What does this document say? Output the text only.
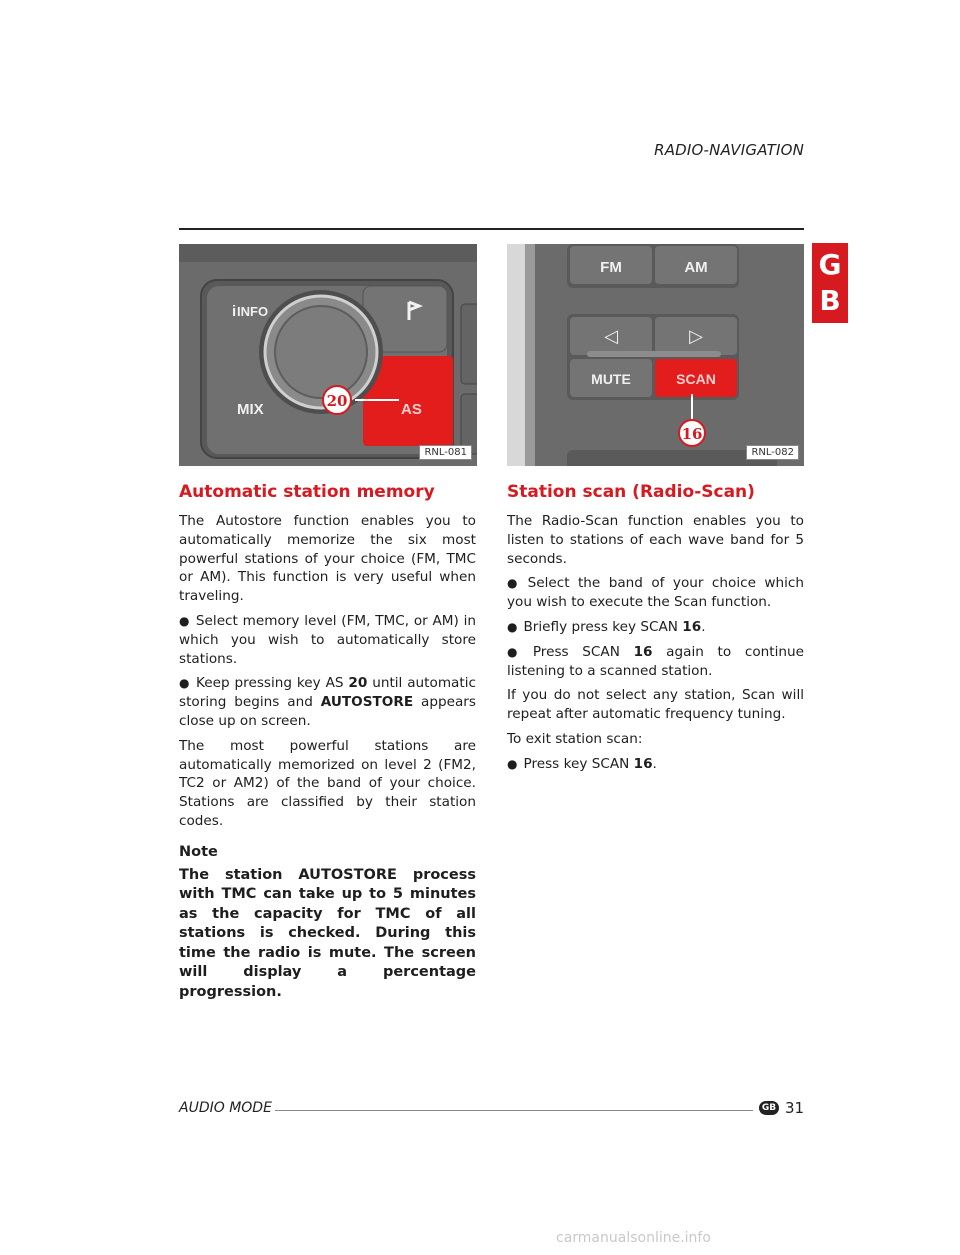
RADIO-NAVIGATION
G
B
i INFO
MIX	AS
20
RNL-081
FM	AM
◁	▷
MUTE	SCAN
16
RNL-082
Automatic station memory

The Autostore function enables you to automatically memorize the six most powerful stations of your choice (FM, TMC or AM). This function is very useful when traveling.

● Select memory level (FM, TMC, or AM) in which you wish to automatically store stations.

● Keep pressing key AS 20 until automatic storing begins and AUTOSTORE appears close up on screen.

The most powerful stations are automatically memorized on level 2 (FM2, TC2 or AM2) of the band of your choice. Stations are classified by their station codes.

Note

The station AUTOSTORE process with TMC can take up to 5 minutes as the capacity for TMC of all stations is checked. During this time the radio is mute. The screen will display a percentage progression.

Station scan (Radio-Scan)

The Radio-Scan function enables you to listen to stations of each wave band for 5 seconds.

● Select the band of your choice which you wish to execute the Scan function.

● Briefly press key SCAN 16.

● Press SCAN 16 again to continue listening to a scanned station.

If you do not select any station, Scan will repeat after automatic frequency tuning.

To exit station scan:

● Press key SCAN 16.

AUDIO MODE	GB 31
carmanualsonline.info
